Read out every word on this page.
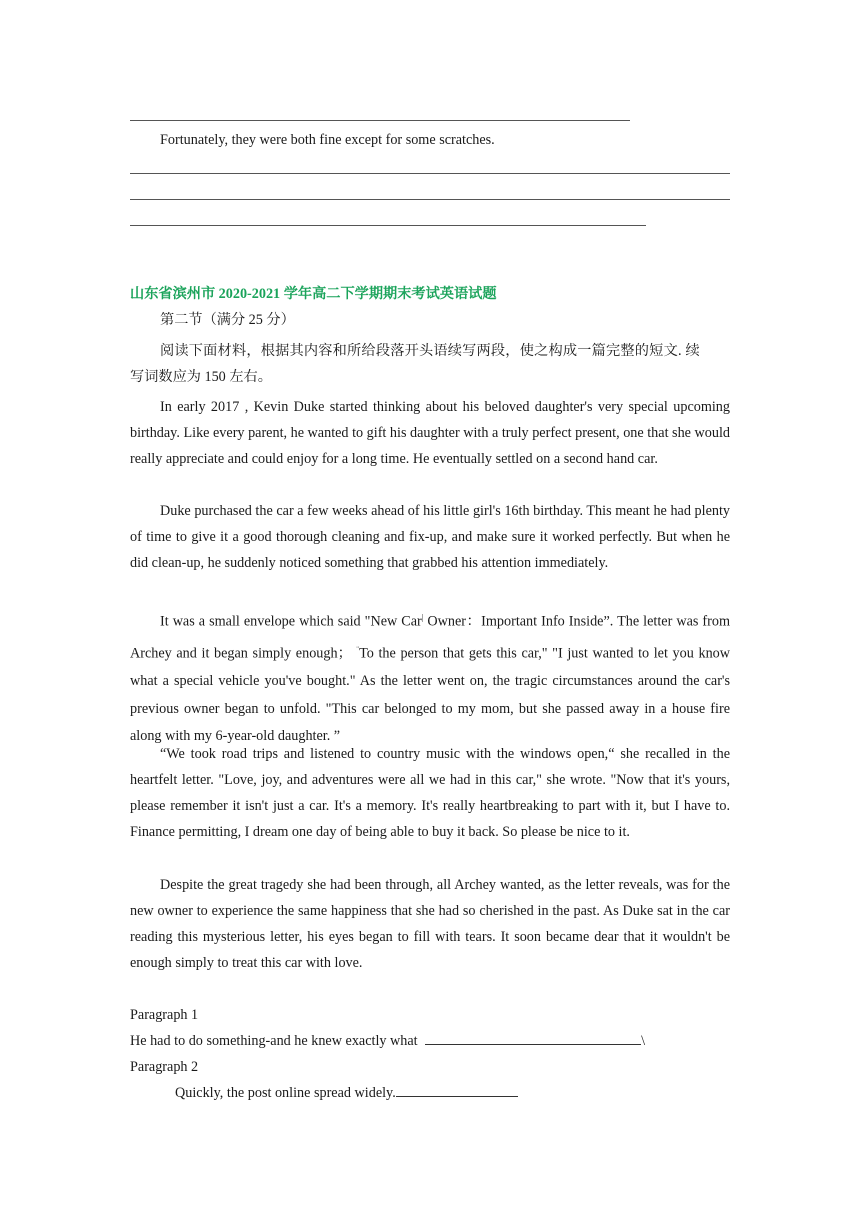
Fortunately, they were both fine except for some scratches.
山东省滨州市 2020-2021 学年高二下学期期末考试英语试题
第二节（满分 25 分）
阅读下面材料，根据其内容和所给段落开头语续写两段，使之构成一篇完整的短文. 续
写词数应为 150 左右。
In early 2017 , Kevin Duke started thinking about his beloved daughter's very special upcoming birthday. Like every parent, he wanted to gift his daughter with a truly perfect present, one that she would really appreciate and could enjoy for a long time. He eventually settled on a second hand car.
Duke purchased the car a few weeks ahead of his little girl's 16th birthday. This meant he had plenty of time to give it a good thorough cleaning and fix-up, and make sure it worked perfectly. But when he did clean-up, he suddenly noticed something that grabbed his attention immediately.
It was a small envelope which said "New Car| Owner：Important Info Inside”. The letter was from Archey and it began simply enough； ¨To the person that gets this car," "I just wanted to let you know what a special vehicle you've bought." As the letter went on, the tragic circumstances around the car's previous owner began to unfold. "This car belonged to my mom, but she passed away in a house fire along with my 6-year-old daughter. ”
“We took road trips and listened to country music with the windows open,“ she recalled in the heartfelt letter. "Love, joy, and adventures were all we had in this car," she wrote. "Now that it's yours, please remember it isn't just a car. It's a memory. It's really heartbreaking to part with it, but I have to. Finance permitting, I dream one day of being able to buy it back. So please be nice to it.
Despite the great tragedy she had been through, all Archey wanted, as the letter reveals, was for the new owner to experience the same happiness that she had so cherished in the past. As Duke sat in the car reading this mysterious letter, his eyes began to fill with tears. It soon became dear that it wouldn't be enough simply to treat this car with love.
Paragraph 1
He had to do something-and he knew exactly what	\
Paragraph 2
Quickly, the post online spread widely.
